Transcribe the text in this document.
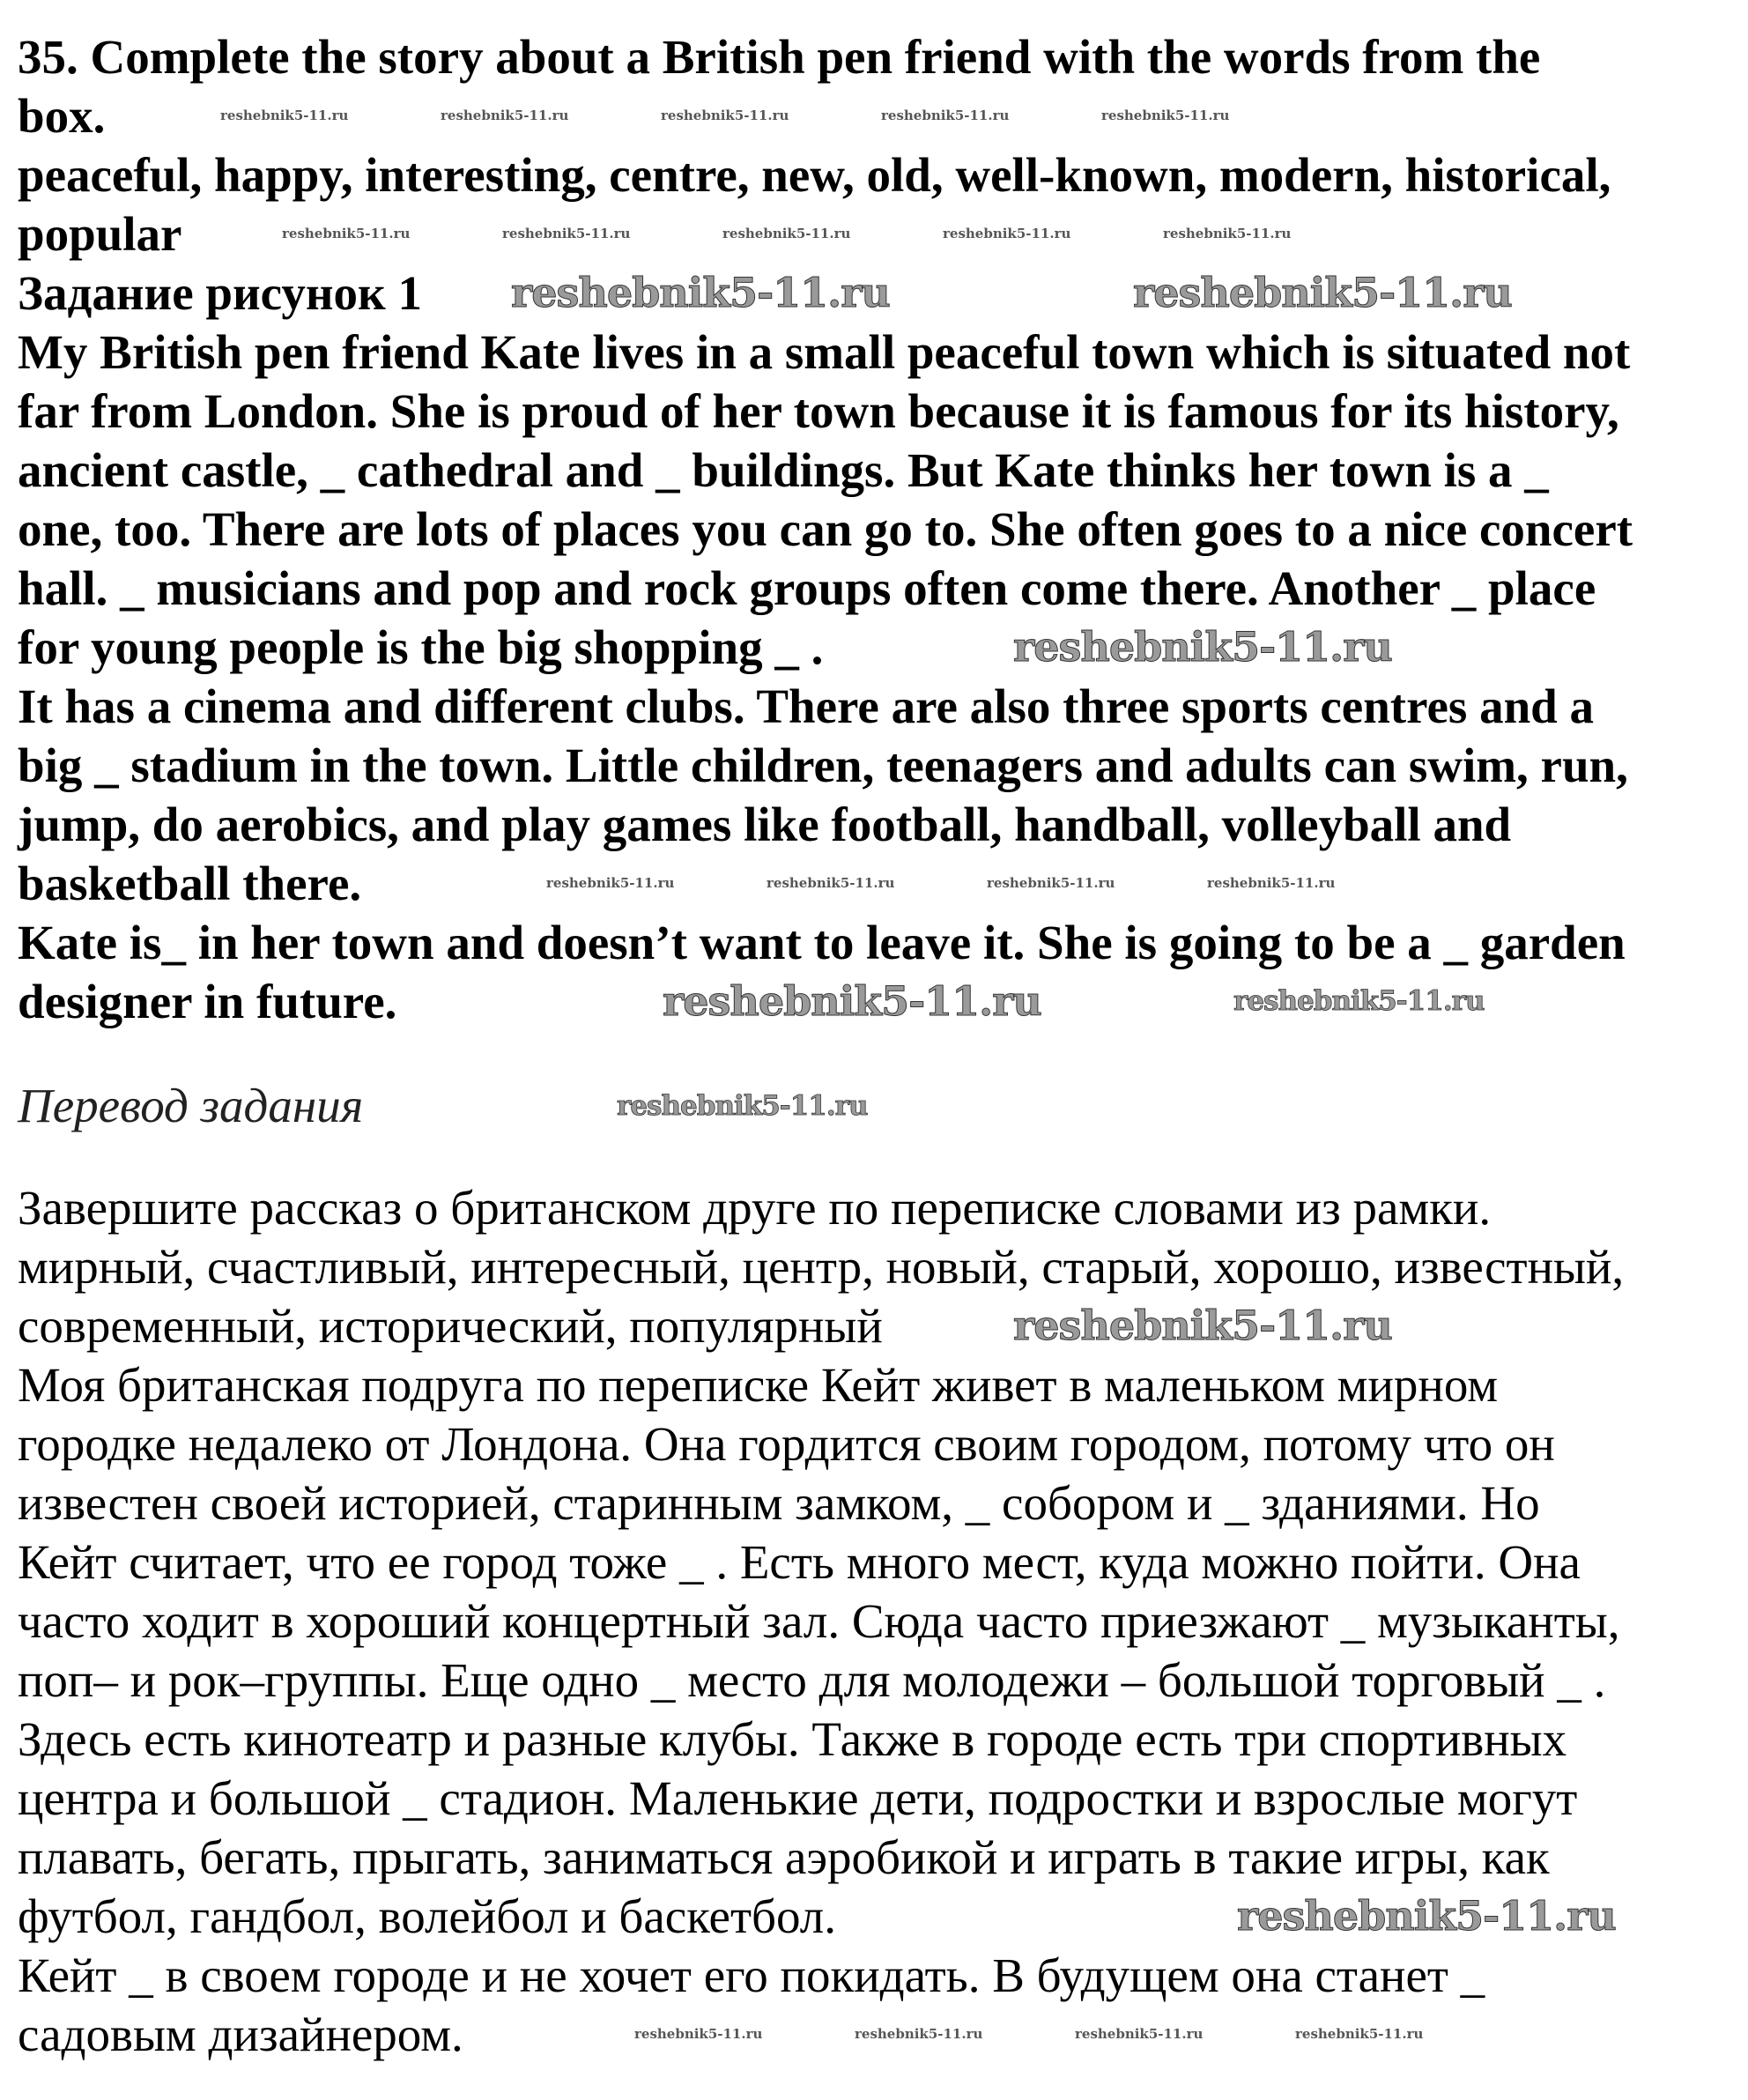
35. Complete the story about a British pen friend with the words from the
box.
peaceful, happy, interesting, centre, new, old, well-known, modern, historical,
popular
Задание рисунок 1
My British pen friend Kate lives in a small peaceful town which is situated not
far from London. She is proud of her town because it is famous for its history,
ancient castle, _ cathedral and _ buildings. But Kate thinks her town is a _
one, too. There are lots of places you can go to. She often goes to a nice concert
hall. _ musicians and pop and rock groups often come there. Another _ place
for young people is the big shopping _ .
It has a cinema and different clubs. There are also three sports centres and a
big _ stadium in the town. Little children, teenagers and adults can swim, run,
jump, do aerobics, and play games like football, handball, volleyball and
basketball there.
Kate is_ in her town and doesn’t want to leave it. She is going to be a _ garden
designer in future.
Перевод задания
Завершите рассказ о британском друге по переписке словами из рамки.
мирный, счастливый, интересный, центр, новый, старый, хорошо, известный,
современный, исторический, популярный
Моя британская подруга по переписке Кейт живет в маленьком мирном
городке недалеко от Лондона. Она гордится своим городом, потому что он
известен своей историей, старинным замком, _ собором и _ зданиями. Но
Кейт считает, что ее город тоже _ . Есть много мест, куда можно пойти. Она
часто ходит в хороший концертный зал. Сюда часто приезжают _ музыканты,
поп– и рок–группы. Еще одно _ место для молодежи – большой торговый _ .
Здесь есть кинотеатр и разные клубы. Также в городе есть три спортивных
центра и большой _ стадион. Маленькие дети, подростки и взрослые могут
плавать, бегать, прыгать, заниматься аэробикой и играть в такие игры, как
футбол, гандбол, волейбол и баскетбол.
Кейт _ в своем городе и не хочет его покидать. В будущем она станет _
садовым дизайнером.
reshebnik5-11.ru	reshebnik5-11.ru
reshebnik5-11.ru
reshebnik5-11.ru
reshebnik5-11.ru
reshebnik5-11.ru
reshebnik5-11.ru
reshebnik5-11.ru
reshebnik5-11.ru	reshebnik5-11.ru	reshebnik5-11.ru	reshebnik5-11.ru	reshebnik5-11.ru
reshebnik5-11.ru	reshebnik5-11.ru	reshebnik5-11.ru	reshebnik5-11.ru	reshebnik5-11.ru
reshebnik5-11.ru	reshebnik5-11.ru	reshebnik5-11.ru	reshebnik5-11.ru
reshebnik5-11.ru	reshebnik5-11.ru	reshebnik5-11.ru	reshebnik5-11.ru
